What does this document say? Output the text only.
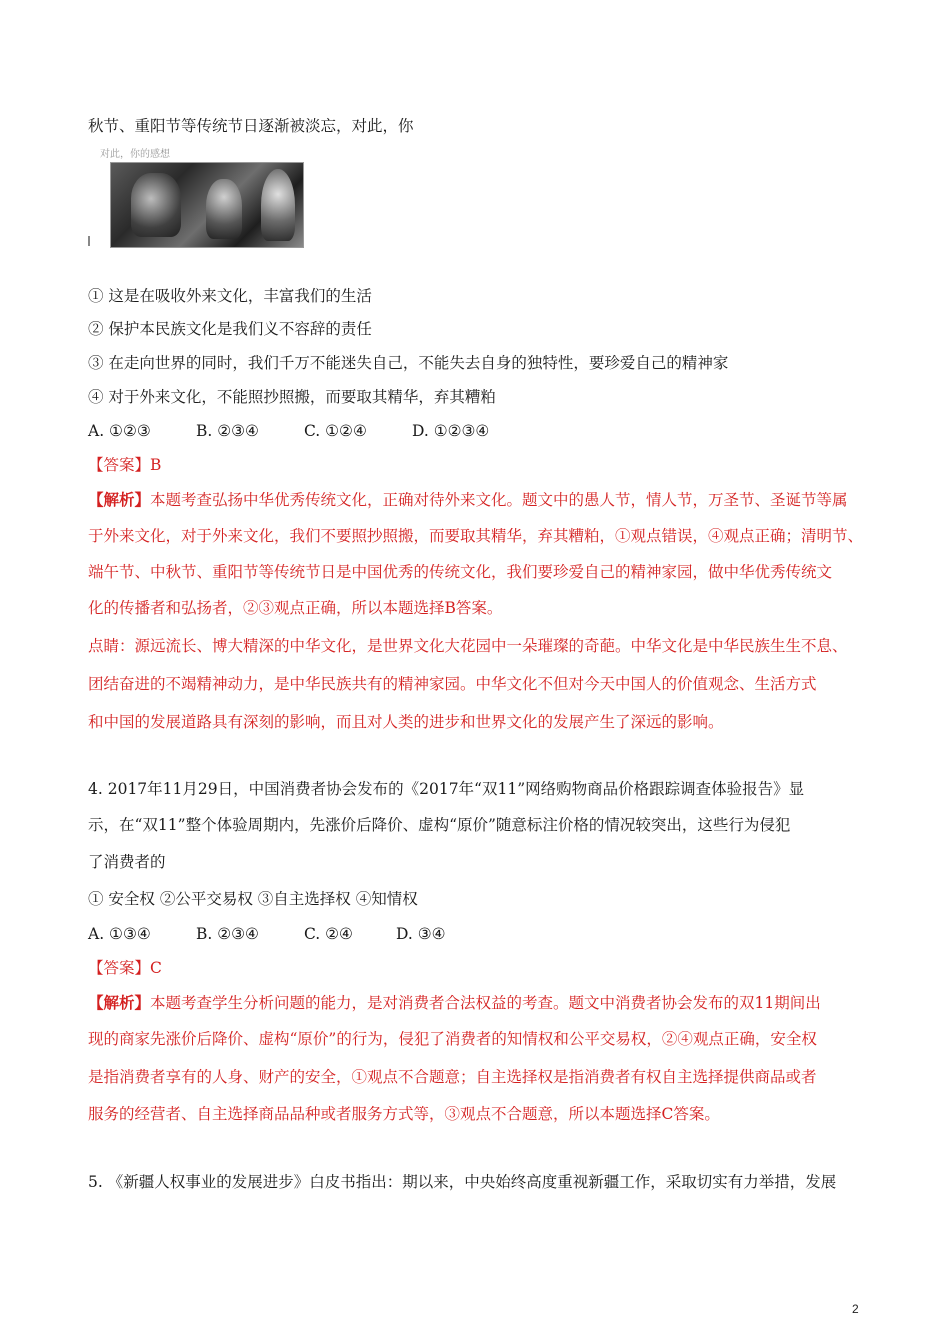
秋节、重阳节等传统节日逐渐被淡忘，对此，你
对此，你的感想
① 这是在吸收外来文化，丰富我们的生活
② 保护本民族文化是我们义不容辞的责任
③ 在走向世界的同时，我们千万不能迷失自己，不能失去自身的独特性，要珍爱自己的精神家
④ 对于外来文化，不能照抄照搬，而要取其精华，弃其糟粕
A. ①②③	B. ②③④	C. ①②④	D. ①②③④
【答案】B
【解析】本题考查弘扬中华优秀传统文化，正确对待外来文化。题文中的愚人节，情人节，万圣节、圣诞节等属
于外来文化，对于外来文化，我们不要照抄照搬，而要取其精华，弃其糟粕，①观点错误，④观点正确；清明节、
端午节、中秋节、重阳节等传统节日是中国优秀的传统文化，我们要珍爱自己的精神家园，做中华优秀传统文
化的传播者和弘扬者，②③观点正确，所以本题选择B答案。
点睛：源远流长、博大精深的中华文化，是世界文化大花园中一朵璀璨的奇葩。中华文化是中华民族生生不息、
团结奋进的不竭精神动力，是中华民族共有的精神家园。中华文化不但对今天中国人的价值观念、生活方式
和中国的发展道路具有深刻的影响，而且对人类的进步和世界文化的发展产生了深远的影响。
4. 2017年11月29日，中国消费者协会发布的《2017年“双11”网络购物商品价格跟踪调查体验报告》显
示，在“双11”整个体验周期内，先涨价后降价、虚构“原价”随意标注价格的情况较突出，这些行为侵犯
了消费者的
① 安全权 ②公平交易权 ③自主选择权 ④知情权
A. ①③④	B. ②③④	C. ②④	D. ③④
【答案】C
【解析】本题考查学生分析问题的能力，是对消费者合法权益的考查。题文中消费者协会发布的双11期间出
现的商家先涨价后降价、虚构“原价”的行为，侵犯了消费者的知情权和公平交易权，②④观点正确，安全权
是指消费者享有的人身、财产的安全，①观点不合题意；自主选择权是指消费者有权自主选择提供商品或者
服务的经营者、自主选择商品品种或者服务方式等，③观点不合题意，所以本题选择C答案。
5. 《新疆人权事业的发展进步》白皮书指出：期以来，中央始终高度重视新疆工作，采取切实有力举措，发展
2
